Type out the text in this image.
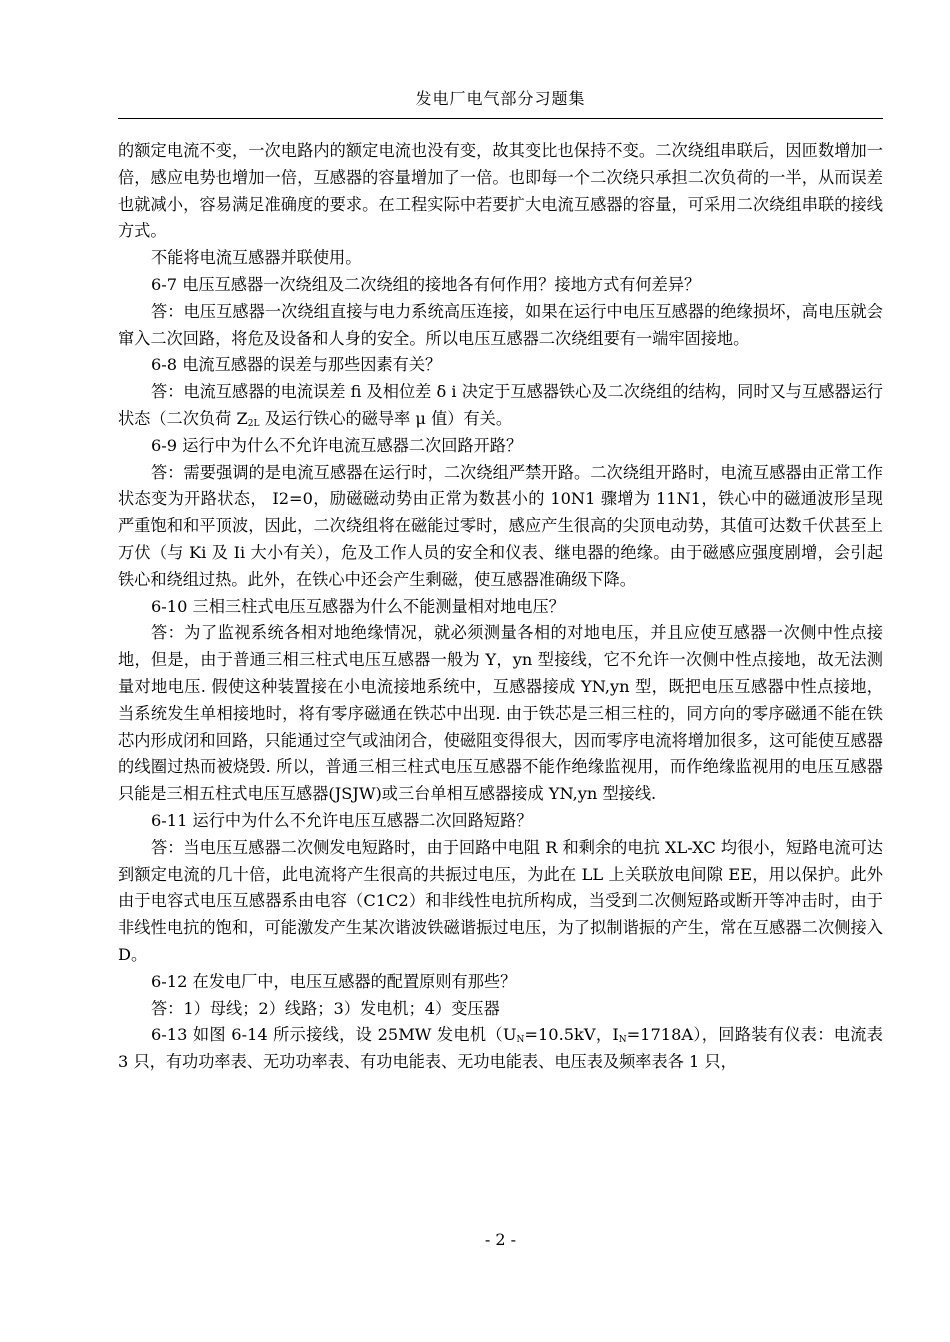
发电厂电气部分习题集

的额定电流不变，一次电路内的额定电流也没有变，故其变比也保持不变。二次绕组串联后，因匝数增加一倍，感应电势也增加一倍，互感器的容量增加了一倍。也即每一个二次绕只承担二次负荷的一半，从而误差也就减小，容易满足准确度的要求。在工程实际中若要扩大电流互感器的容量，可采用二次绕组串联的接线方式。

不能将电流互感器并联使用。

6-7 电压互感器一次绕组及二次绕组的接地各有何作用？接地方式有何差异？

答：电压互感器一次绕组直接与电力系统高压连接，如果在运行中电压互感器的绝缘损坏，高电压就会窜入二次回路，将危及设备和人身的安全。所以电压互感器二次绕组要有一端牢固接地。

6-8 电流互感器的误差与那些因素有关？

答：电流互感器的电流误差 fi 及相位差 δ i 决定于互感器铁心及二次绕组的结构，同时又与互感器运行状态（二次负荷 $Z_{2L}$ 及运行铁心的磁导率 μ 值）有关。

6-9 运行中为什么不允许电流互感器二次回路开路？

答：需要强调的是电流互感器在运行时，二次绕组严禁开路。二次绕组开路时，电流互感器由正常工作状态变为开路状态， I2=0，励磁磁动势由正常为数甚小的 10N1 骤增为 11N1，铁心中的磁通波形呈现严重饱和和平顶波，因此，二次绕组将在磁能过零时，感应产生很高的尖顶电动势，其值可达数千伏甚至上万伏（与 Ki 及 Ii 大小有关），危及工作人员的安全和仪表、继电器的绝缘。由于磁感应强度剧增，会引起铁心和绕组过热。此外，在铁心中还会产生剩磁，使互感器准确级下降。

6-10 三相三柱式电压互感器为什么不能测量相对地电压？

答：为了监视系统各相对地绝缘情况，就必须测量各相的对地电压，并且应使互感器一次侧中性点接地，但是，由于普通三相三柱式电压互感器一般为 Y，yn 型接线，它不允许一次侧中性点接地，故无法测量对地电压. 假使这种装置接在小电流接地系统中，互感器接成 YN,yn 型，既把电压互感器中性点接地，当系统发生单相接地时，将有零序磁通在铁芯中出现. 由于铁芯是三相三柱的，同方向的零序磁通不能在铁芯内形成闭和回路，只能通过空气或油闭合，使磁阻变得很大，因而零序电流将增加很多，这可能使互感器的线圈过热而被烧毁. 所以，普通三相三柱式电压互感器不能作绝缘监视用，而作绝缘监视用的电压互感器只能是三相五柱式电压互感器(JSJW)或三台单相互感器接成 YN,yn 型接线.

6-11 运行中为什么不允许电压互感器二次回路短路？

答：当电压互感器二次侧发电短路时，由于回路中电阻 R 和剩余的电抗 XL-XC 均很小，短路电流可达到额定电流的几十倍，此电流将产生很高的共振过电压，为此在 LL 上关联放电间隙 EE，用以保护。此外由于电容式电压互感器系由电容（C1C2）和非线性电抗所构成，当受到二次侧短路或断开等冲击时，由于非线性电抗的饱和，可能激发产生某次谐波铁磁谐振过电压，为了拟制谐振的产生，常在互感器二次侧接入 D。

6-12 在发电厂中，电压互感器的配置原则有那些？

答：1）母线；2）线路；3）发电机；4）变压器

6-13 如图 6-14 所示接线，设 25MW 发电机（$U_N=10.5kV$，$I_N=1718A$），回路装有仪表：电流表 3 只，有功功率表、无功功率表、有功电能表、无功电能表、电压表及频率表各 1 只，

- 2 -
